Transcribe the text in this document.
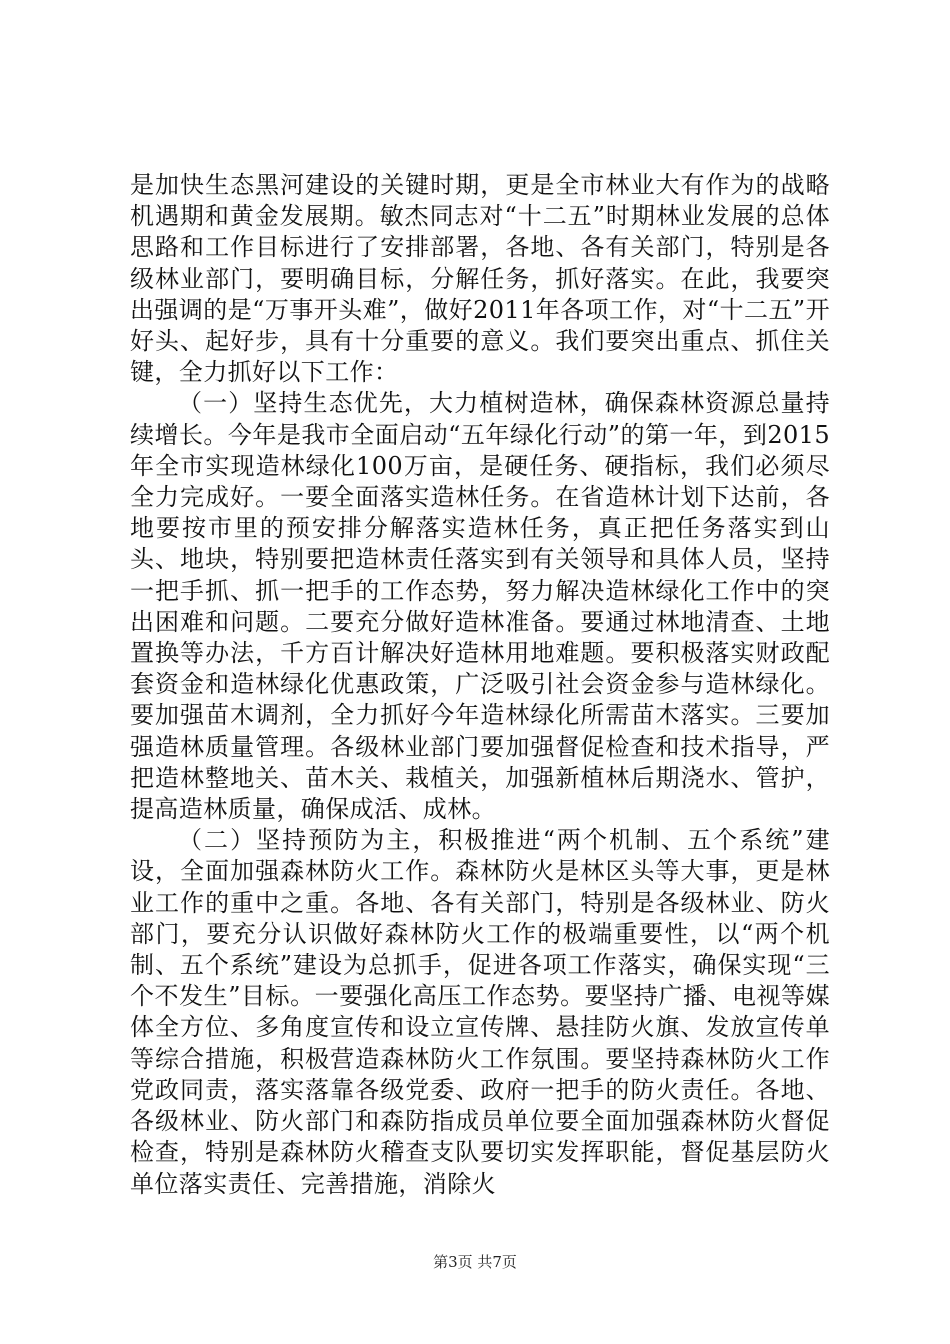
是加快生态黑河建设的关键时期，更是全市林业大有作为的战略机遇期和黄金发展期。敏杰同志对“十二五”时期林业发展的总体思路和工作目标进行了安排部署，各地、各有关部门，特别是各级林业部门，要明确目标，分解任务，抓好落实。在此，我要突出强调的是“万事开头难”，做好2011年各项工作，对“十二五”开好头、起好步，具有十分重要的意义。我们要突出重点、抓住关键，全力抓好以下工作：

（一）坚持生态优先，大力植树造林，确保森林资源总量持续增长。今年是我市全面启动“五年绿化行动”的第一年，到2015年全市实现造林绿化100万亩，是硬任务、硬指标，我们必须尽全力完成好。一要全面落实造林任务。在省造林计划下达前，各地要按市里的预安排分解落实造林任务，真正把任务落实到山头、地块，特别要把造林责任落实到有关领导和具体人员，坚持一把手抓、抓一把手的工作态势，努力解决造林绿化工作中的突出困难和问题。二要充分做好造林准备。要通过林地清查、土地置换等办法，千方百计解决好造林用地难题。要积极落实财政配套资金和造林绿化优惠政策，广泛吸引社会资金参与造林绿化。要加强苗木调剂，全力抓好今年造林绿化所需苗木落实。三要加强造林质量管理。各级林业部门要加强督促检查和技术指导，严把造林整地关、苗木关、栽植关，加强新植林后期浇水、管护，提高造林质量，确保成活、成林。

（二）坚持预防为主，积极推进“两个机制、五个系统”建设，全面加强森林防火工作。森林防火是林区头等大事，更是林业工作的重中之重。各地、各有关部门，特别是各级林业、防火部门，要充分认识做好森林防火工作的极端重要性，以“两个机制、五个系统”建设为总抓手，促进各项工作落实，确保实现“三个不发生”目标。一要强化高压工作态势。要坚持广播、电视等媒体全方位、多角度宣传和设立宣传牌、悬挂防火旗、发放宣传单等综合措施，积极营造森林防火工作氛围。要坚持森林防火工作党政同责，落实落靠各级党委、政府一把手的防火责任。各地、各级林业、防火部门和森防指成员单位要全面加强森林防火督促检查，特别是森林防火稽查支队要切实发挥职能，督促基层防火单位落实责任、完善措施，消除火

第3页 共7页
